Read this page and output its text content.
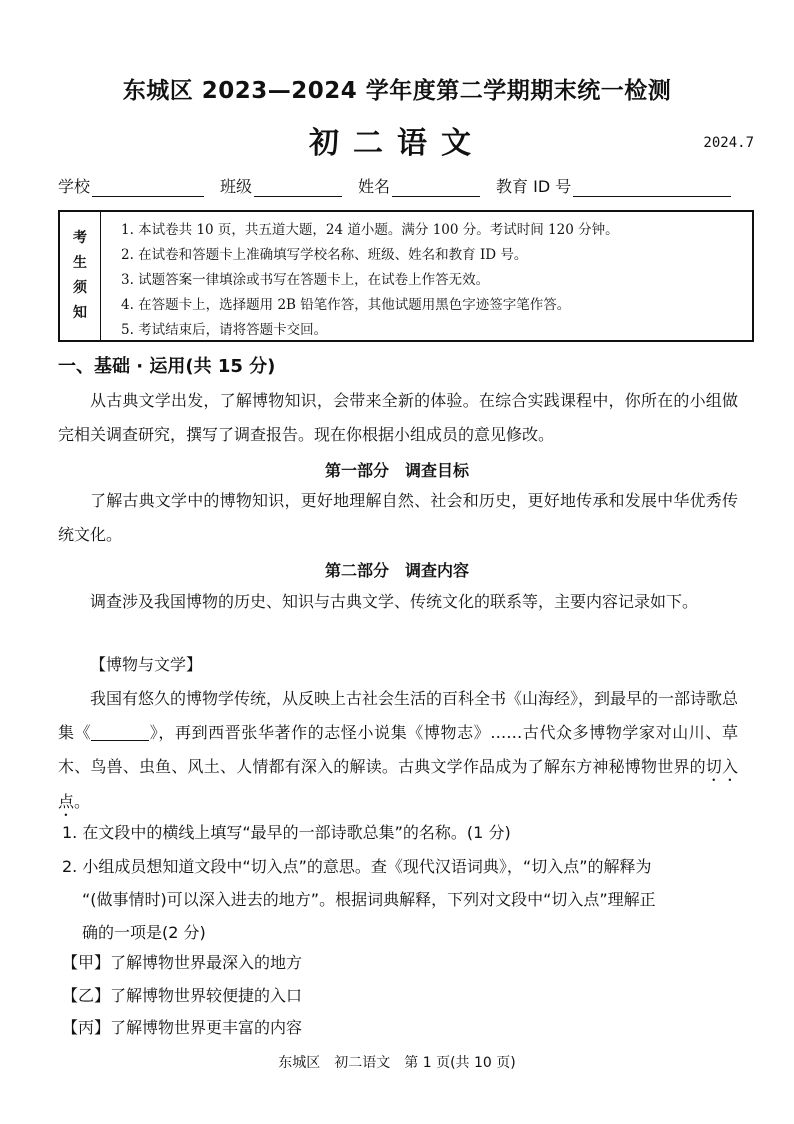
东城区 2023—2024 学年度第二学期期末统一检测
初二语文	2024.7
学校	班级	姓名	教育 ID 号
考
生
须
知
1. 本试卷共 10 页，共五道大题，24 道小题。满分 100 分。考试时间 120 分钟。
2. 在试卷和答题卡上准确填写学校名称、班级、姓名和教育 ID 号。
3. 试题答案一律填涂或书写在答题卡上，在试卷上作答无效。
4. 在答题卡上，选择题用 2B 铅笔作答，其他试题用黑色字迹签字笔作答。
5. 考试结束后，请将答题卡交回。
一、基础 · 运用(共 15 分)
从古典文学出发，了解博物知识，会带来全新的体验。在综合实践课程中，你所在的小组做完相关调查研究，撰写了调查报告。现在你根据小组成员的意见修改。
第一部分　调查目标
了解古典文学中的博物知识，更好地理解自然、社会和历史，更好地传承和发展中华优秀传统文化。
第二部分　调查内容
调查涉及我国博物的历史、知识与古典文学、传统文化的联系等，主要内容记录如下。
【博物与文学】
我国有悠久的博物学传统，从反映上古社会生活的百科全书《山海经》，到最早的一部诗歌总集《	》，再到西晋张华著作的志怪小说集《博物志》……古代众多博物学家对山川、草木、鸟兽、虫鱼、风土、人情都有深入的解读。古典文学作品成为了解东方神秘博物世界的切入点。
1. 在文段中的横线上填写“最早的一部诗歌总集”的名称。(1 分)
2. 小组成员想知道文段中“切入点”的意思。查《现代汉语词典》，“切入点”的解释为
“(做事情时)可以深入进去的地方”。根据词典解释，下列对文段中“切入点”理解正
确的一项是(2 分)
【甲】了解博物世界最深入的地方
【乙】了解博物世界较便捷的入口
【丙】了解博物世界更丰富的内容
东城区　初二语文　第 1 页(共 10 页)
